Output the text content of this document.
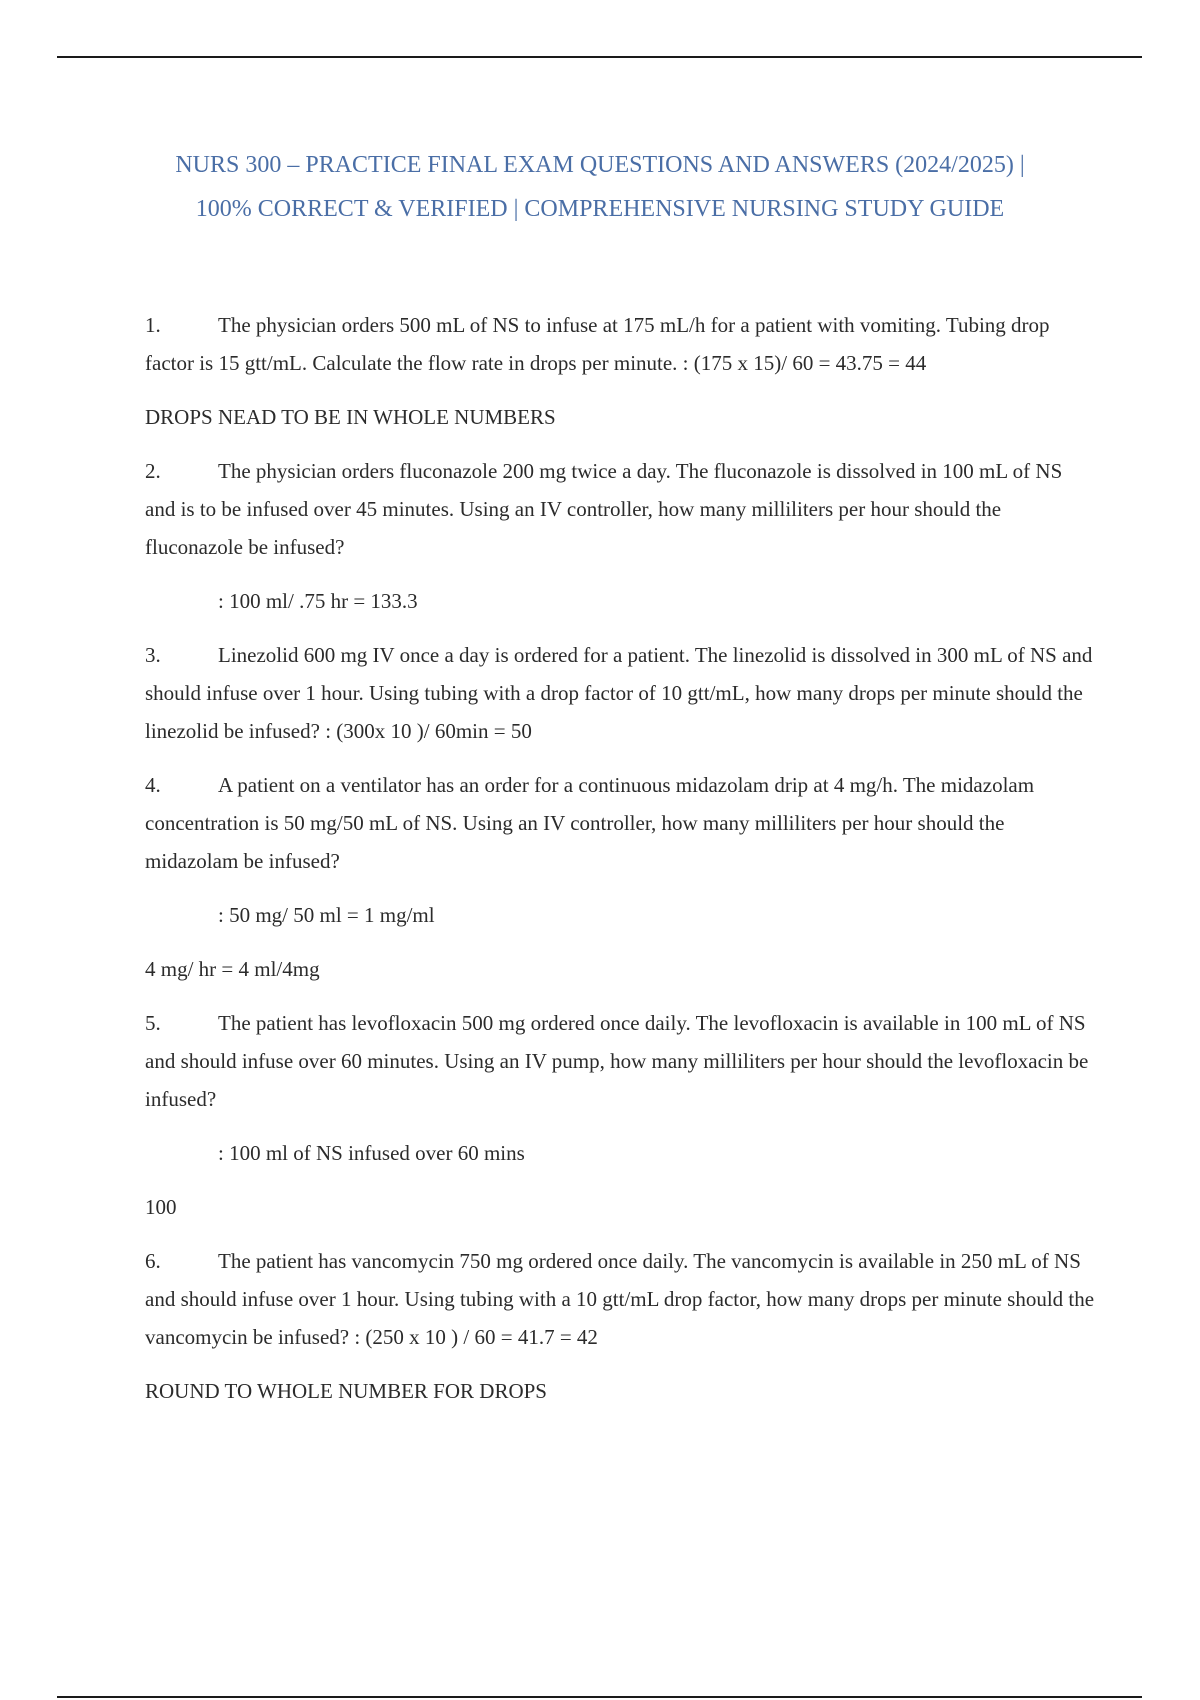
NURS 300 – PRACTICE FINAL EXAM QUESTIONS AND ANSWERS (2024/2025) |
100% CORRECT & VERIFIED | COMPREHENSIVE NURSING STUDY GUIDE

1.	The physician orders 500 mL of NS to infuse at 175 mL/h for a patient with vomiting. Tubing drop factor is 15 gtt/mL. Calculate the flow rate in drops per minute. : (175 x 15)/ 60 = 43.75 = 44

DROPS NEAD TO BE IN WHOLE NUMBERS

2.	The physician orders fluconazole 200 mg twice a day. The fluconazole is dissolved in 100 mL of NS and is to be infused over 45 minutes. Using an IV controller, how many milliliters per hour should the fluconazole be infused?

: 100 ml/ .75 hr = 133.3

3.	Linezolid 600 mg IV once a day is ordered for a patient. The linezolid is dissolved in 300 mL of NS and should infuse over 1 hour. Using tubing with a drop factor of 10 gtt/mL, how many drops per minute should the linezolid be infused? : (300x 10 )/ 60min = 50

4.	A patient on a ventilator has an order for a continuous midazolam drip at 4 mg/h. The midazolam concentration is 50 mg/50 mL of NS. Using an IV controller, how many milliliters per hour should the midazolam be infused?

: 50 mg/ 50 ml = 1 mg/ml

4 mg/ hr = 4 ml/4mg

5.	The patient has levofloxacin 500 mg ordered once daily. The levofloxacin is available in 100 mL of NS and should infuse over 60 minutes. Using an IV pump, how many milliliters per hour should the levofloxacin be infused?

: 100 ml of NS infused over 60 mins

100

6.	The patient has vancomycin 750 mg ordered once daily. The vancomycin is available in 250 mL of NS and should infuse over 1 hour. Using tubing with a 10 gtt/mL drop factor, how many drops per minute should the vancomycin be infused? : (250 x 10 ) / 60 = 41.7 = 42

ROUND TO WHOLE NUMBER FOR DROPS
